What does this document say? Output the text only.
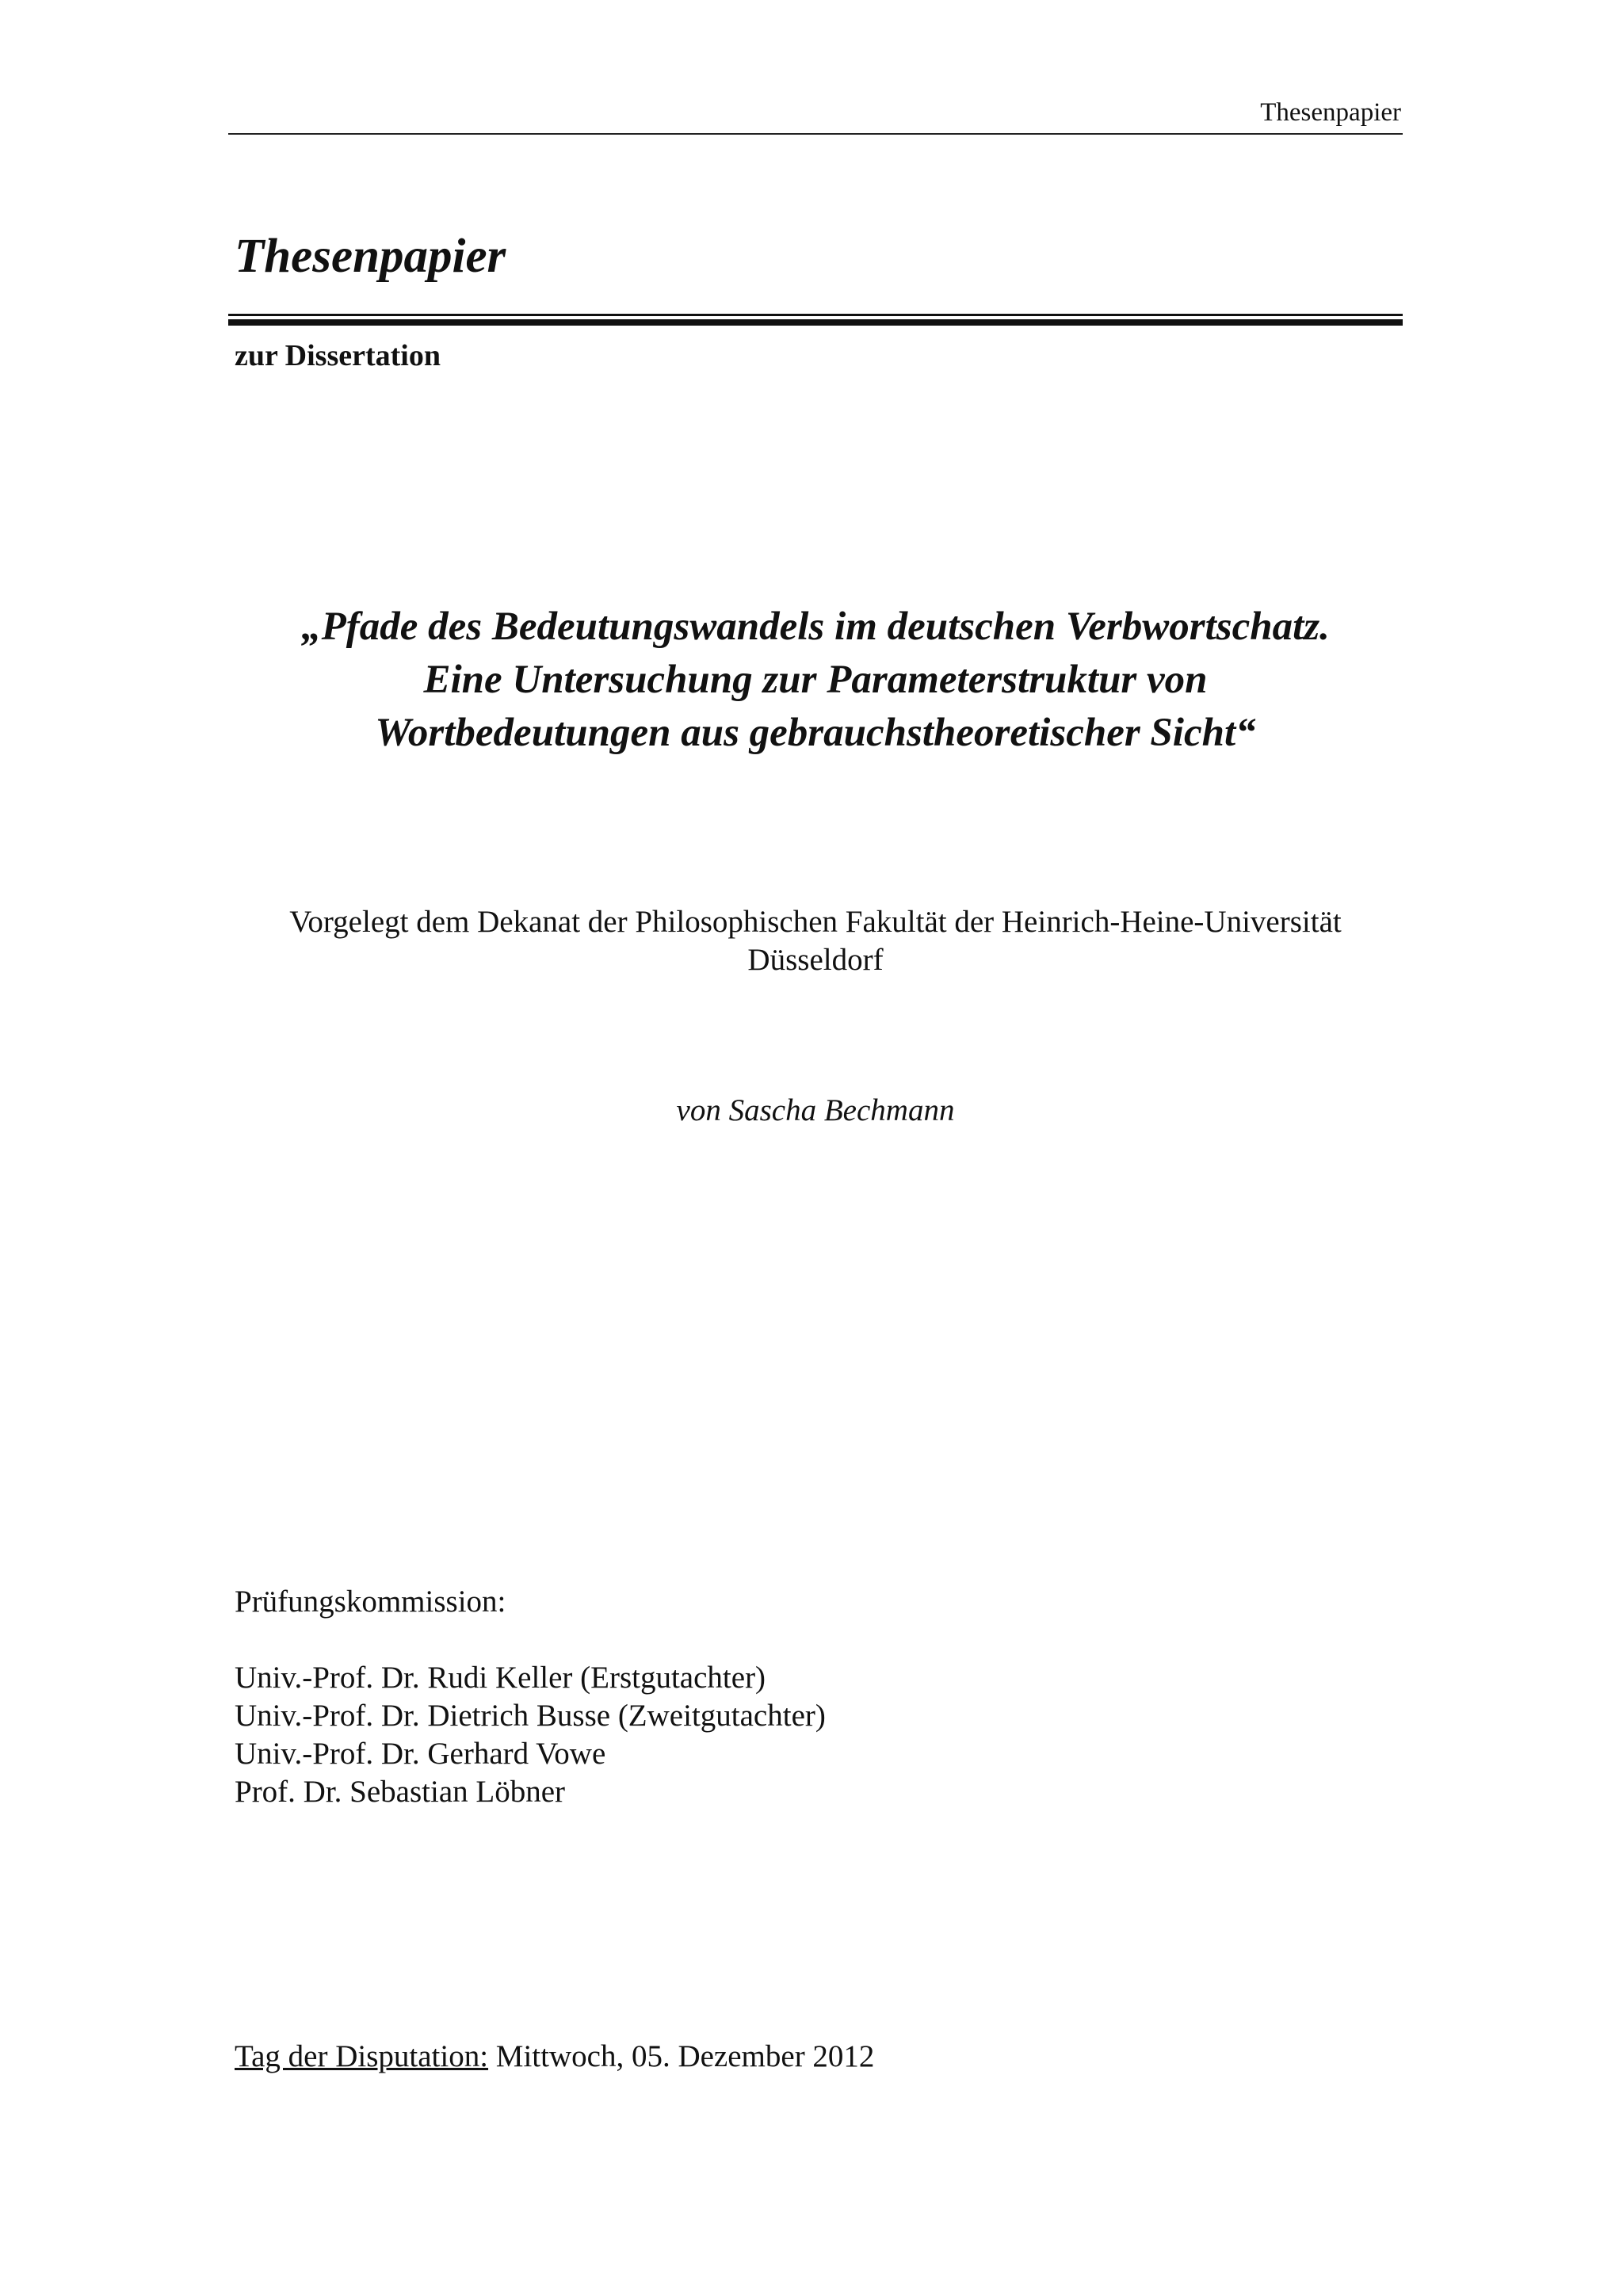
Thesenpapier
Thesenpapier
zur Dissertation
„Pfade des Bedeutungswandels im deutschen Verbwortschatz.
Eine Untersuchung zur Parameterstruktur von
Wortbedeutungen aus gebrauchstheoretischer Sicht“
Vorgelegt dem Dekanat der Philosophischen Fakultät der Heinrich-Heine-Universität
Düsseldorf
von Sascha Bechmann
Prüfungskommission:
Univ.-Prof. Dr. Rudi Keller (Erstgutachter)
Univ.-Prof. Dr. Dietrich Busse (Zweitgutachter)
Univ.-Prof. Dr. Gerhard Vowe
Prof. Dr. Sebastian Löbner
Tag der Disputation: Mittwoch, 05. Dezember 2012
